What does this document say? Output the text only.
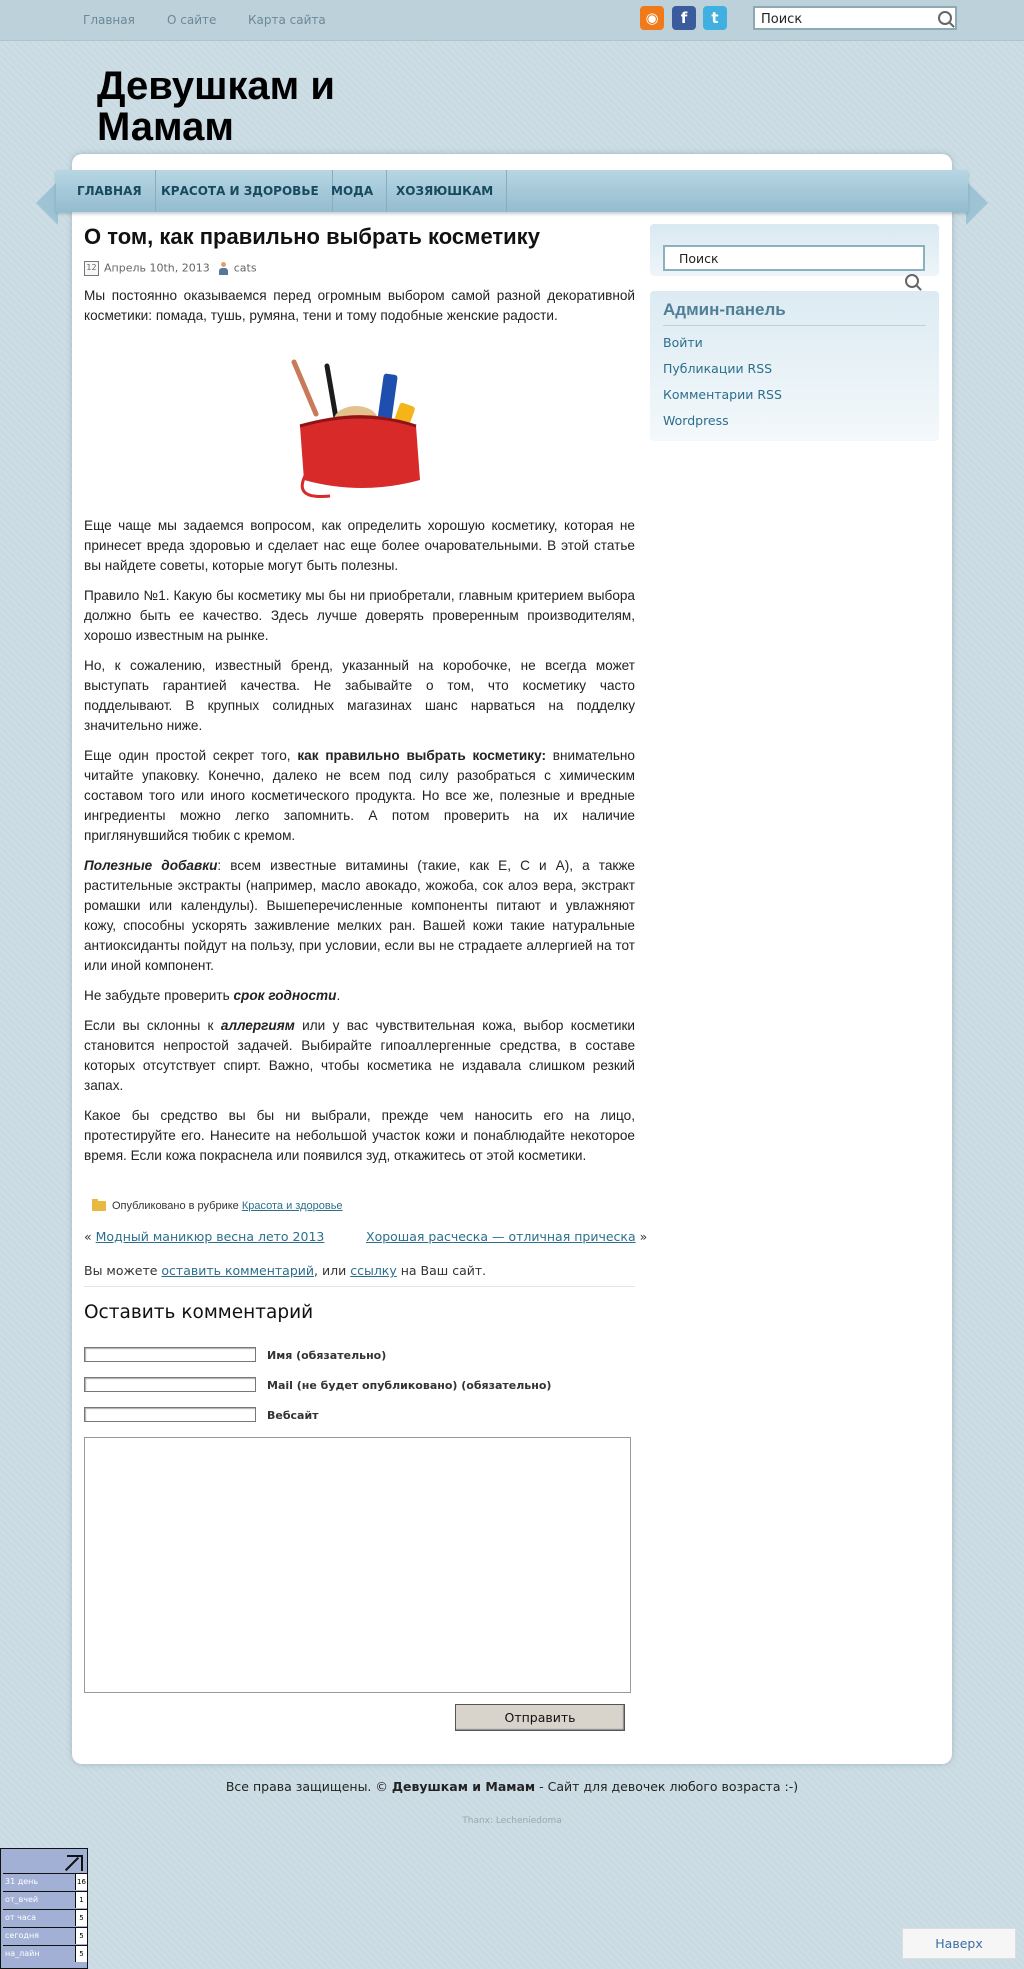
Главная	О сайте	Карта сайта	◉	f	t
Поиск
Девушкам и Мамам
ГЛАВНАЯ	КРАСОТА И ЗДОРОВЬЕ	МОДА	ХОЗЯЮШКАМ
О том, как правильно выбрать косметику
12 Апрель 10th, 2013 cats

Мы постоянно оказываемся перед огромным выбором самой разной декоративной косметики: помада, тушь, румяна, тени и тому подобные женские радости.

Еще чаще мы задаемся вопросом, как определить хорошую косметику, которая не принесет вреда здоровью и сделает нас еще более очаровательными. В этой статье вы найдете советы, которые могут быть полезны.

Правило №1. Какую бы косметику мы бы ни приобретали, главным критерием выбора должно быть ее качество. Здесь лучше доверять проверенным производителям, хорошо известным на рынке.

Но, к сожалению, известный бренд, указанный на коробочке, не всегда может выступать гарантией качества. Не забывайте о том, что косметику часто подделывают. В крупных солидных магазинах шанс нарваться на подделку значительно ниже.

Еще один простой секрет того, как правильно выбрать косметику: внимательно читайте упаковку. Конечно, далеко не всем под силу разобраться с химическим составом того или иного косметического продукта. Но все же, полезные и вредные ингредиенты можно легко запомнить. А потом проверить на их наличие приглянувшийся тюбик с кремом.

Полезные добавки: всем известные витамины (такие, как Е, С и А), а также растительные экстракты (например, масло авокадо, жожоба, сок алоэ вера, экстракт ромашки или календулы). Вышеперечисленные компоненты питают и увлажняют кожу, способны ускорять заживление мелких ран. Вашей кожи такие натуральные антиоксиданты пойдут на пользу, при условии, если вы не страдаете аллергией на тот или иной компонент.

Не забудьте проверить срок годности.

Если вы склонны к аллергиям или у вас чувствительная кожа, выбор косметики становится непростой задачей. Выбирайте гипоаллергенные средства, в составе которых отсутствует спирт. Важно, чтобы косметика не издавала слишком резкий запах.

Какое бы средство вы бы ни выбрали, прежде чем наносить его на лицо, протестируйте его. Нанесите на небольшой участок кожи и понаблюдайте некоторое время. Если кожа покраснела или появился зуд, откажитесь от этой косметики.

Опубликовано в рубрике Красота и здоровье
« Модный маникюр весна лето 2013	Хорошая расческа — отличная прическа »
Вы можете оставить комментарий, или ссылку на Ваш сайт.
Оставить комментарий
Имя (обязательно)
Mail (не будет опубликовано) (обязательно)
Вебсайт
Отправить
Поиск
Админ-панель
Войти
Публикации RSS
Комментарии RSS
Wordpress
Все права защищены. © Девушкам и Мамам - Сайт для девочек любого возраста :-)
Thanx: Lecheniedoma
31 день	16
от_вчей	1
от часа	5
сегодня	5
на_лайн	5
Наверх
